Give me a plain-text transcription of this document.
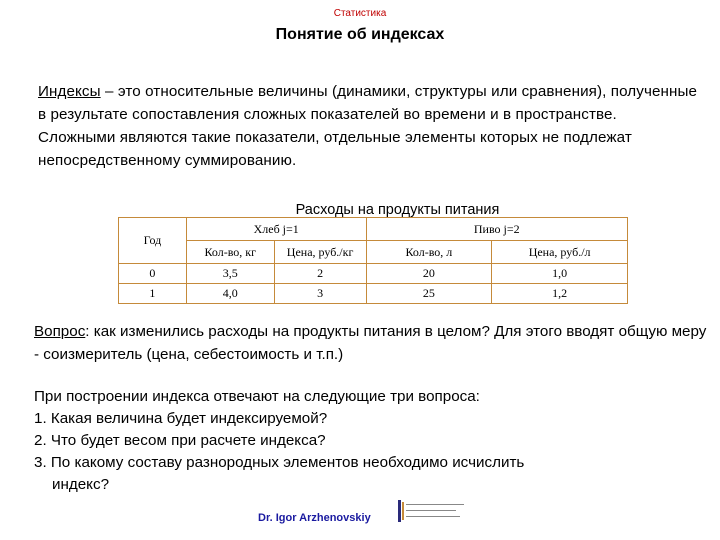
Статистика
Понятие об индексах

Индексы – это относительные величины (динамики, структуры или сравнения), полученные в результате сопоставления сложных показателей во времени и в пространстве.

Сложными являются такие показатели, отдельные элементы которых не подлежат непосредственному суммированию.

Расходы на продукты питания
Год	Хлеб j=1		Пиво j=2	
	Кол-во, кг	Цена, руб./кг	Кол-во, л	Цена, руб./л
0	3,5	2	20	1,0
1	4,0	3	25	1,2

Вопрос: как изменились расходы на продукты питания в целом? Для этого вводят общую меру - соизмеритель (цена, себестоимость и т.п.)

При построении индекса отвечают на следующие три вопроса:

1. Какая величина будет индексируемой?

2. Что будет весом при расчете индекса?

3. По какому составу разнородных элементов необходимо исчислить

индекс?

Dr. Igor Arzhenovskiy
